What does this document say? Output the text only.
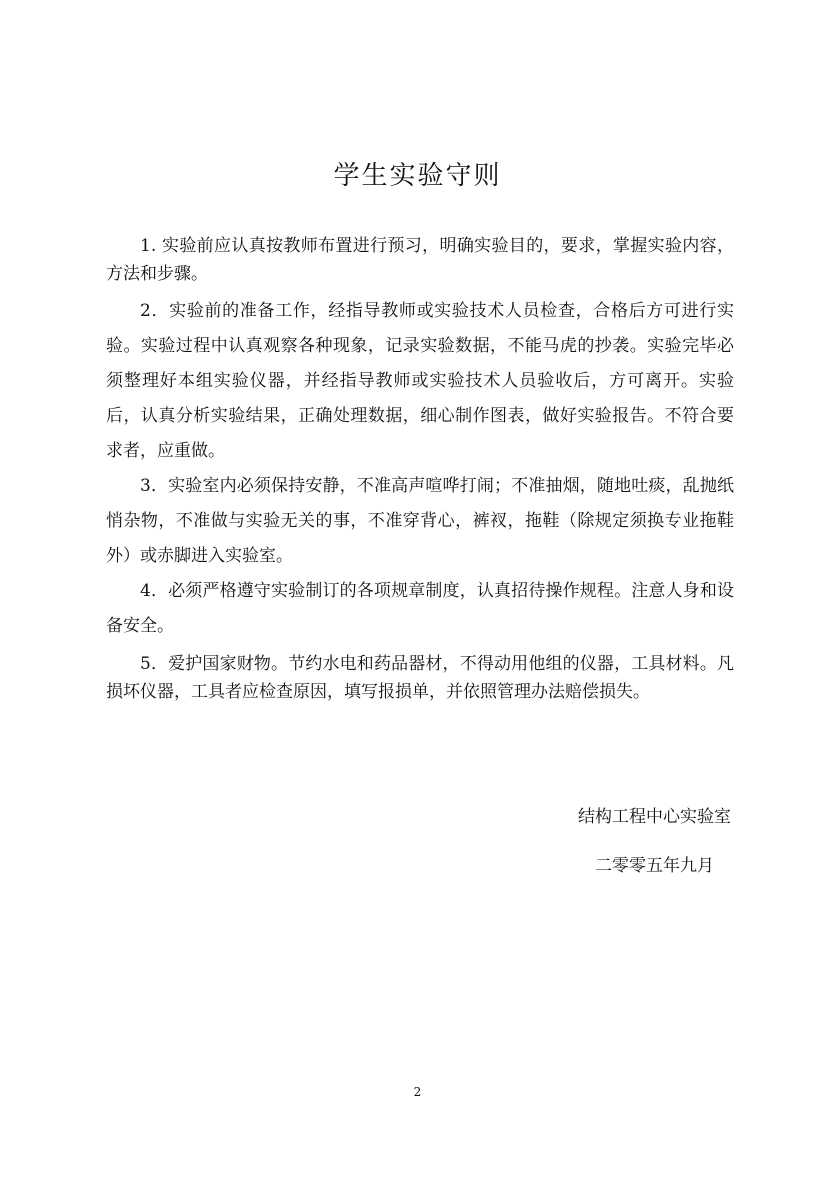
学生实验守则

1. 实验前应认真按教师布置进行预习，明确实验目的，要求，掌握实验内容，方法和步骤。

2．实验前的准备工作，经指导教师或实验技术人员检查，合格后方可进行实验。实验过程中认真观察各种现象，记录实验数据，不能马虎的抄袭。实验完毕必须整理好本组实验仪器，并经指导教师或实验技术人员验收后，方可离开。实验后，认真分析实验结果，正确处理数据，细心制作图表，做好实验报告。不符合要求者，应重做。

3．实验室内必须保持安静，不准高声喧哗打闹；不准抽烟，随地吐痰，乱抛纸悄杂物，不准做与实验无关的事，不准穿背心，裤衩，拖鞋（除规定须换专业拖鞋外）或赤脚进入实验室。

4．必须严格遵守实验制订的各项规章制度，认真招待操作规程。注意人身和设备安全。

5．爱护国家财物。节约水电和药品器材，不得动用他组的仪器，工具材料。凡损坏仪器，工具者应检查原因，填写报损单，并依照管理办法赔偿损失。

结构工程中心实验室

二零零五年九月

2
